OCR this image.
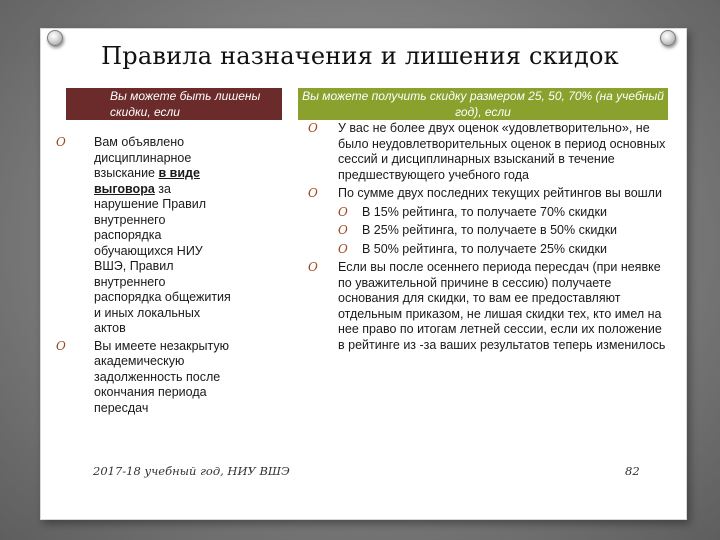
Правила назначения и лишения скидок
Вы можете быть лишены скидки, если
Вы можете получить скидку размером 25, 50, 70% (на учебный год), если

O Вам объявлено дисциплинарное взыскание в виде выговора за нарушение Правил внутреннего распорядка обучающихся НИУ ВШЭ, Правил внутреннего распорядка общежития и иных локальных актов

O Вы имеете незакрытую академическую задолженность после окончания периода пересдач

O У вас не более двух оценок «удовлетворительно», не было неудовлетворительных оценок в период основных сессий и дисциплинарных взысканий в течение предшествующего учебного года

O По сумме двух последних текущих рейтингов вы вошли

O В 15% рейтинга, то получаете 70% скидки

O В 25% рейтинга, то получаете в 50% скидки

O В 50% рейтинга, то получаете 25% скидки

O Если вы после осеннего периода пересдач (при неявке по уважительной причине в сессию) получаете основания для скидки, то вам ее предоставляют отдельным приказом, не лишая скидки тех, кто имел на нее право по итогам летней сессии, если их положение в рейтинге из -за ваших результатов теперь изменилось

2017-18 учебный год, НИУ ВШЭ	82
